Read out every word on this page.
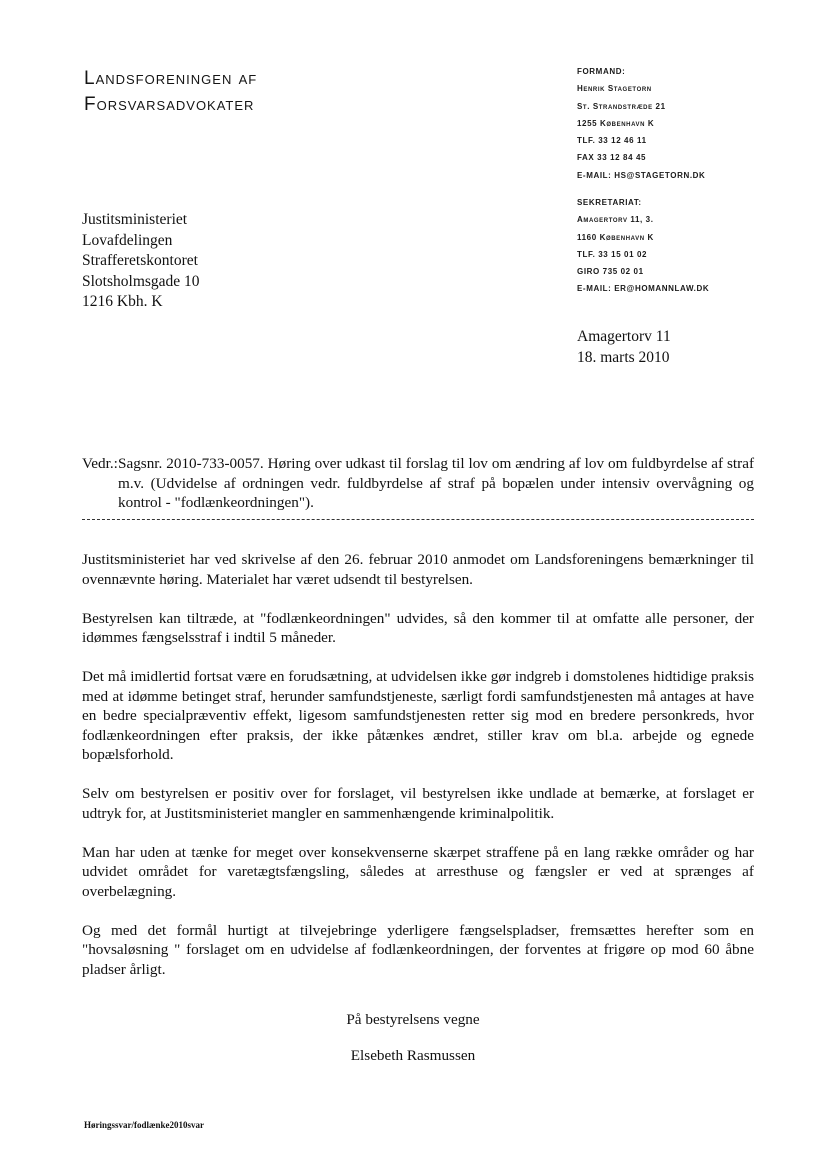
Landsforeningen af
Forsvarsadvokater
FORMAND:
Henrik Stagetorn
St. Strandstræde 21
1255 København K
TLF. 33 12 46 11
FAX 33 12 84 45
E-MAIL: HS@STAGETORN.DK
SEKRETARIAT:
Amagertorv 11, 3.
1160 København K
TLF. 33 15 01 02
GIRO 735 02 01
E-MAIL: ER@HOMANNLAW.DK
Justitsministeriet
Lovafdelingen
Strafferetskontoret
Slotsholmsgade 10
1216 Kbh. K
Amagertorv 11
18. marts 2010
Vedr.: Sagsnr. 2010-733-0057. Høring over udkast til forslag til lov om ændring af lov om fuldbyrdelse af straf m.v. (Udvidelse af ordningen vedr. fuldbyrdelse af straf på bopælen under intensiv overvågning og kontrol - "fodlænkeordningen").

Justitsministeriet har ved skrivelse af den 26. februar 2010 anmodet om Landsforeningens bemærkninger til ovennævnte høring. Materialet har været udsendt til bestyrelsen.

Bestyrelsen kan tiltræde, at "fodlænkeordningen" udvides, så den kommer til at omfatte alle personer, der idømmes fængselsstraf i indtil 5 måneder.

Det må imidlertid fortsat være en forudsætning, at udvidelsen ikke gør indgreb i domstolenes hidtidige praksis med at idømme betinget straf, herunder samfundstjeneste, særligt fordi samfundstjenesten må antages at have en bedre specialpræventiv effekt, ligesom samfundstjenesten retter sig mod en bredere personkreds, hvor fodlænkeordningen efter praksis, der ikke påtænkes ændret, stiller krav om bl.a. arbejde og egnede bopælsforhold.

Selv om bestyrelsen er positiv over for forslaget, vil bestyrelsen ikke undlade at bemærke, at forslaget er udtryk for, at Justitsministeriet mangler en sammenhængende kriminalpolitik.

Man har uden at tænke for meget over konsekvenserne skærpet straffene på en lang række områder og har udvidet området for varetægtsfængsling, således at arresthuse og fængsler er ved at sprænges af overbelægning.

Og med det formål hurtigt at tilvejebringe yderligere fængselspladser, fremsættes herefter som en "hovsaløsning " forslaget om en udvidelse af fodlænkeordningen, der forventes at frigøre op mod 60 åbne pladser årligt.

På bestyrelsens vegne
Elsebeth Rasmussen
Høringssvar/fodlænke2010svar
